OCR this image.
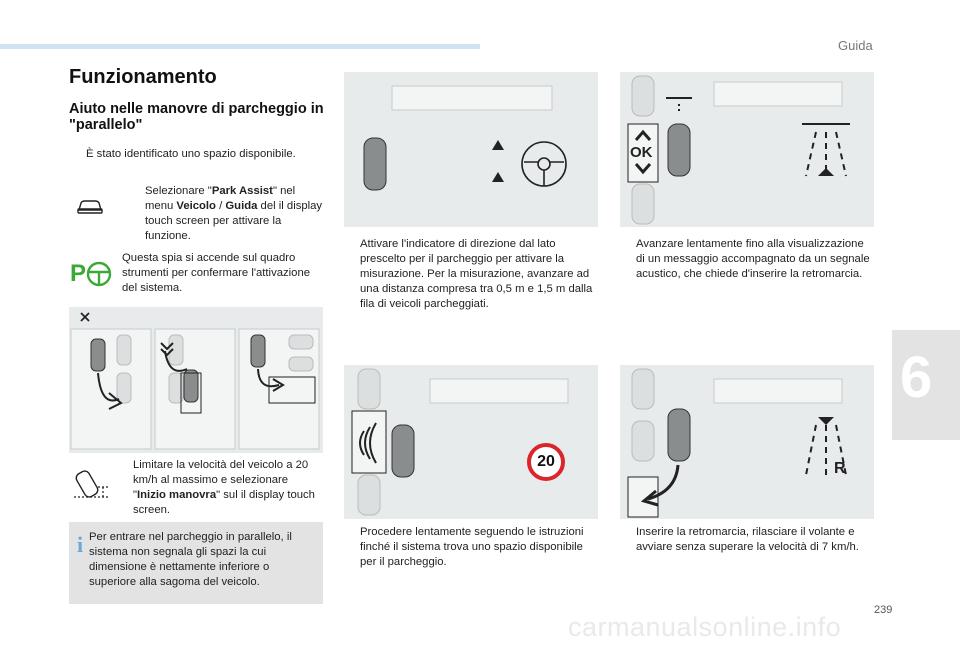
Guida
6
Funzionamento
Aiuto nelle manovre di parcheggio in "parallelo"
È stato identificato uno spazio disponibile.
Selezionare "Park Assist" nel menu Veicolo / Guida del il display touch screen per attivare la funzione.
P
Questa spia si accende sul quadro strumenti per confermare l'attivazione del sistema.
Limitare la velocità del veicolo a 20 km/h al massimo e selezionare "Inizio manovra" sul il display touch screen.
i Per entrare nel parcheggio in parallelo, il sistema non segnala gli spazi la cui dimensione è nettamente inferiore o superiore alla sagoma del veicolo.
Attivare l'indicatore di direzione dal lato prescelto per il parcheggio per attivare la misurazione. Per la misurazione, avanzare ad una distanza compresa tra 0,5 m e 1,5 m dalla fila di veicoli parcheggiati.
20
Procedere lentamente seguendo le istruzioni finché il sistema trova uno spazio disponibile per il parcheggio.
OK
Avanzare lentamente fino alla visualizzazione di un messaggio accompagnato da un segnale acustico, che chiede d'inserire la retromarcia.
R
Inserire la retromarcia, rilasciare il volante e avviare senza superare la velocità di 7 km/h.
239
carmanualsonline.info
